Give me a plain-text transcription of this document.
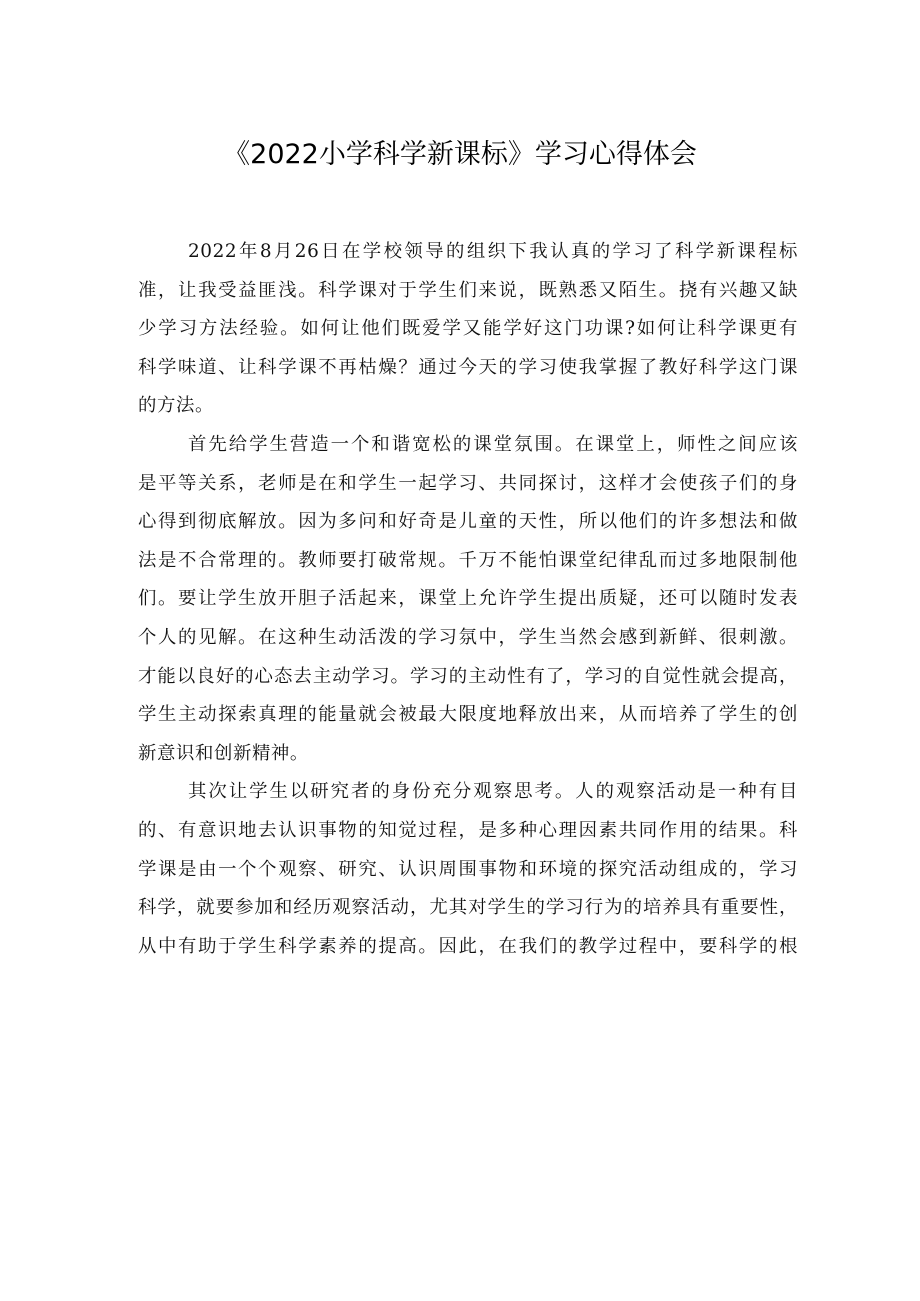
《2022小学科学新课标》学习心得体会
2022年8月26日在学校领导的组织下我认真的学习了科学新课程标
准，让我受益匪浅。科学课对于学生们来说，既熟悉又陌生。挠有兴趣又缺
少学习方法经验。如何让他们既爱学又能学好这门功课?如何让科学课更有
科学味道、让科学课不再枯燥？通过今天的学习使我掌握了教好科学这门课
的方法。
首先给学生营造一个和谐宽松的课堂氛围。在课堂上，师性之间应该
是平等关系，老师是在和学生一起学习、共同探讨，这样才会使孩子们的身
心得到彻底解放。因为多问和好奇是儿童的天性，所以他们的许多想法和做
法是不合常理的。教师要打破常规。千万不能怕课堂纪律乱而过多地限制他
们。要让学生放开胆子活起来，课堂上允许学生提出质疑，还可以随时发表
个人的见解。在这种生动活泼的学习氛中，学生当然会感到新鲜、很刺激。
才能以良好的心态去主动学习。学习的主动性有了，学习的自觉性就会提高，
学生主动探索真理的能量就会被最大限度地释放出来，从而培养了学生的创
新意识和创新精神。
其次让学生以研究者的身份充分观察思考。人的观察活动是一种有目
的、有意识地去认识事物的知觉过程，是多种心理因素共同作用的结果。科
学课是由一个个观察、研究、认识周围事物和环境的探究活动组成的，学习
科学，就要参加和经历观察活动，尤其对学生的学习行为的培养具有重要性，
从中有助于学生科学素养的提高。因此，在我们的教学过程中，要科学的根
